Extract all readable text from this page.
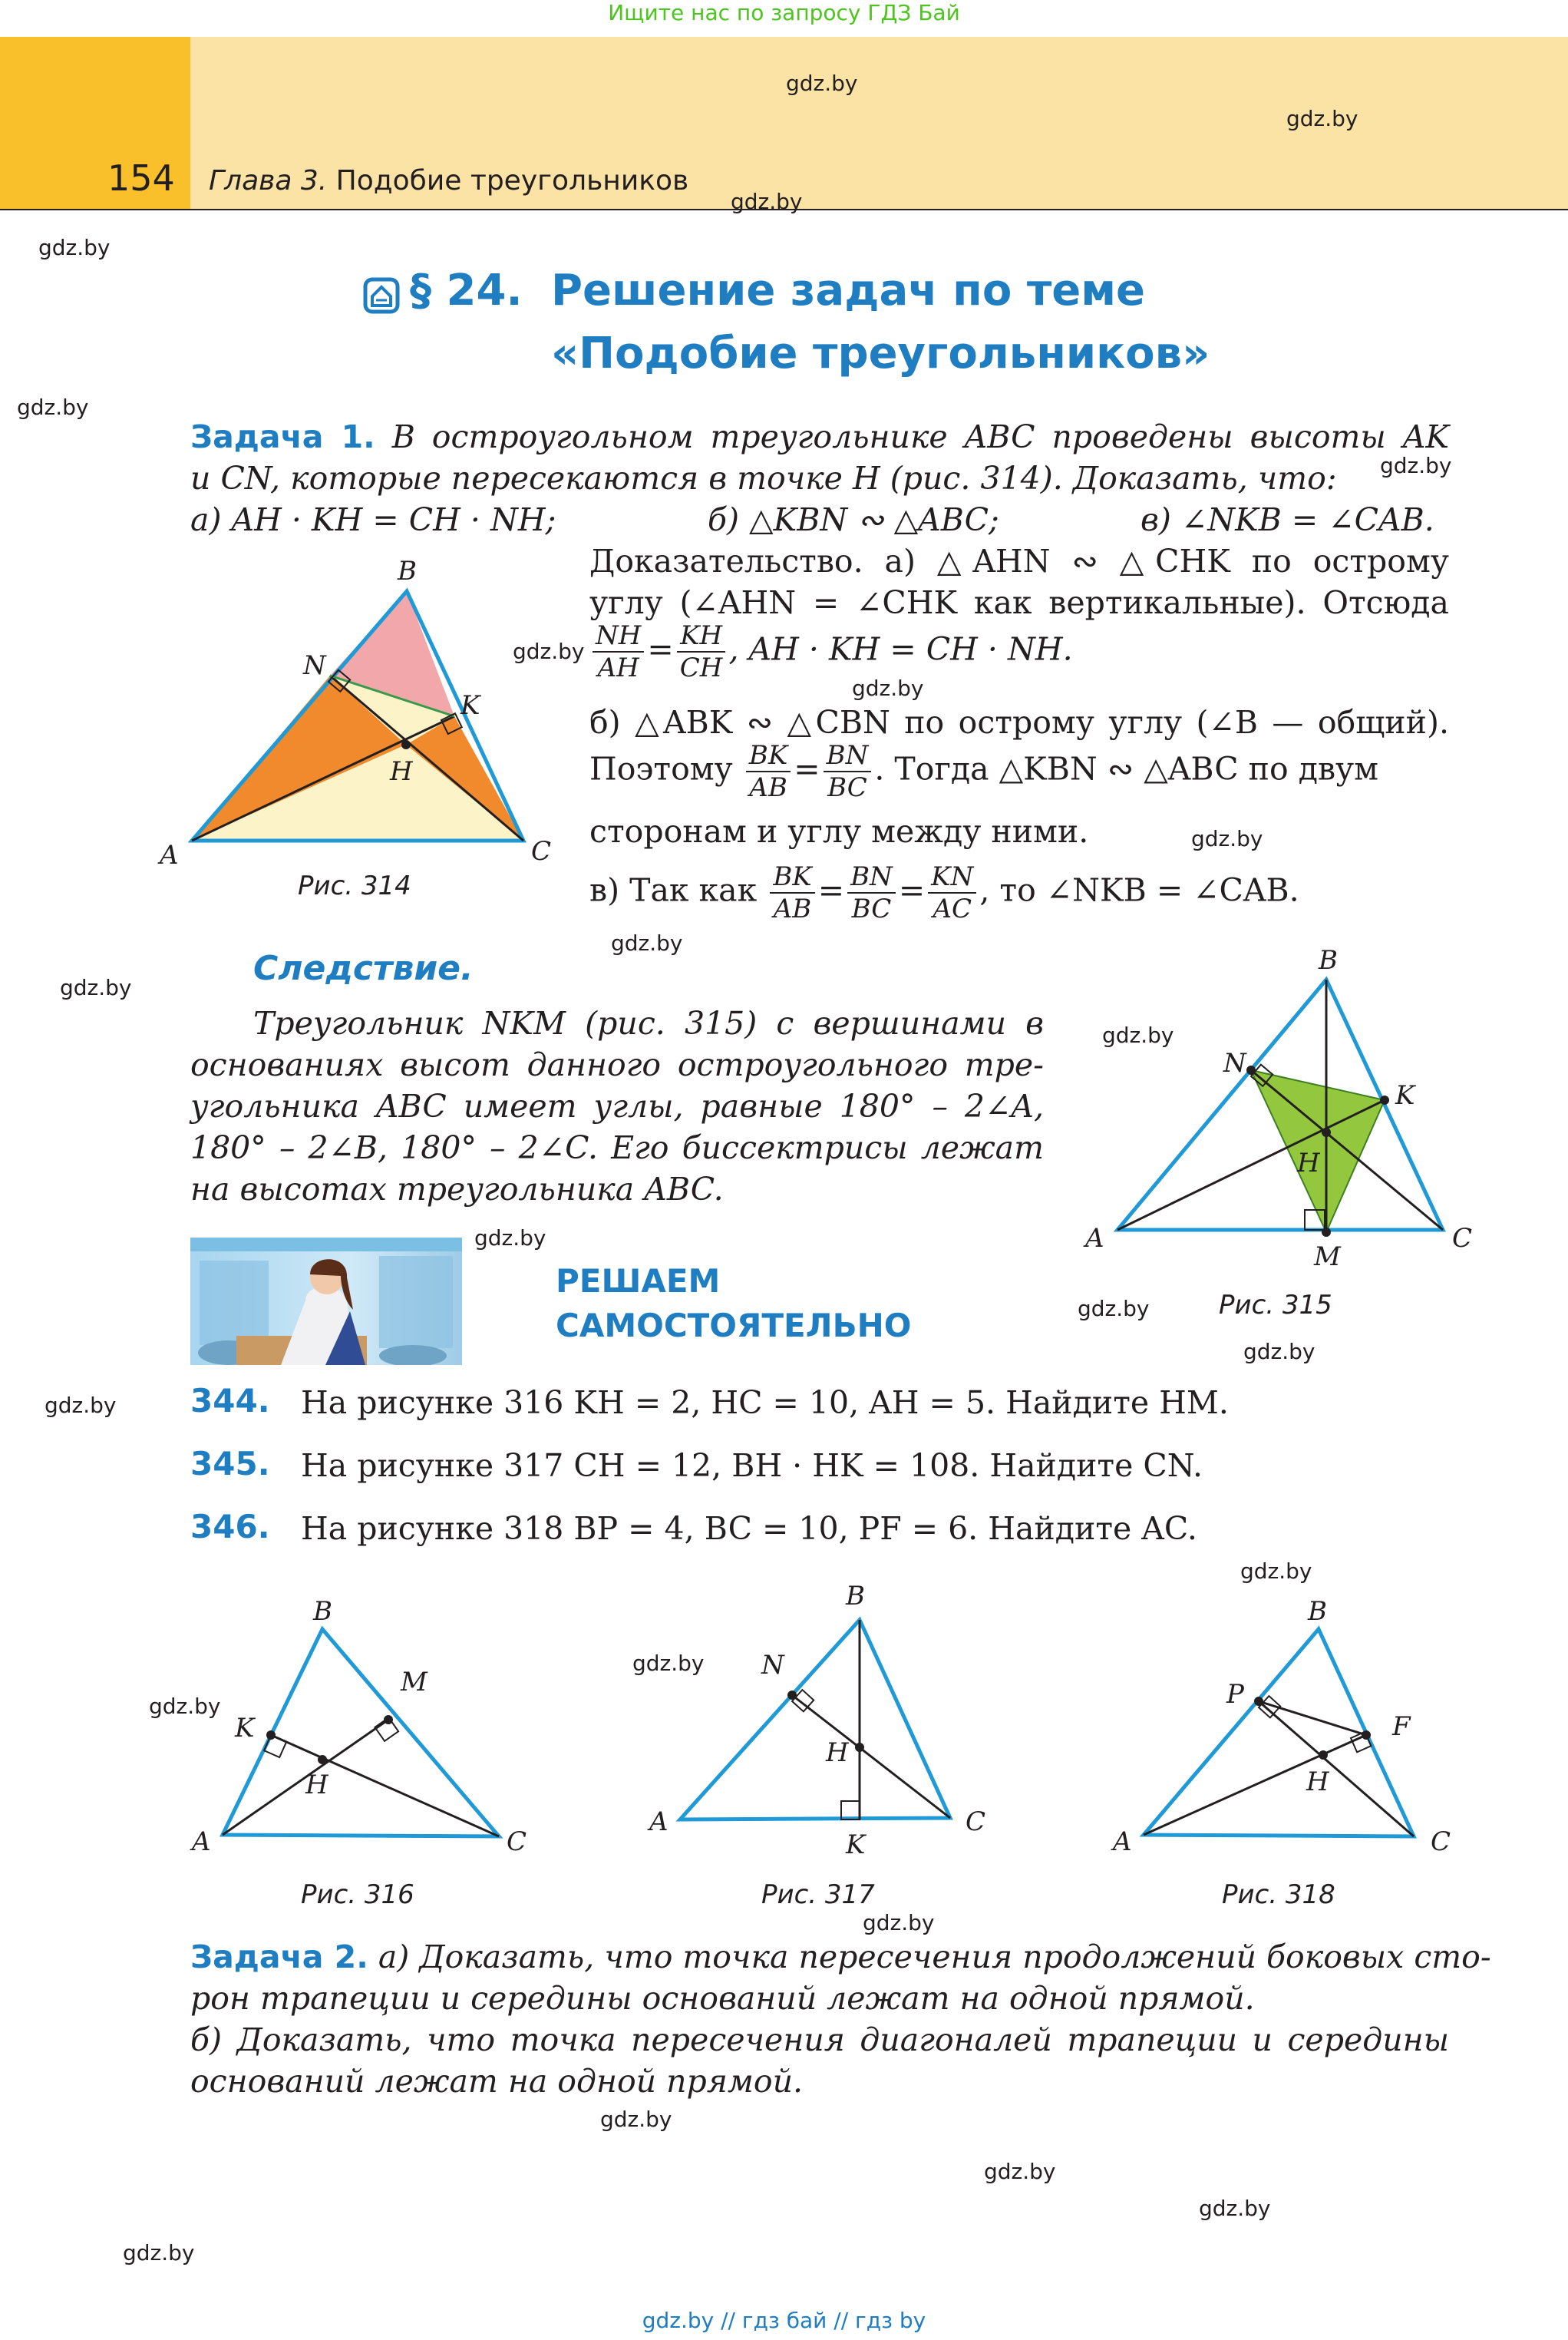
Ищите нас по запросу ГДЗ Бай
154 Глава 3. Подобие треугольников
§ 24. Решение задач по теме
«Подобие треугольников»
Задача 1. В остроугольном треугольнике ABC проведены высоты AK
и CN, которые пересекаются в точке H (рис. 314). Доказать, что:
а) AH · KH = CH · NH;	б) △KBN ∾ △ABC;	в) ∠NKB = ∠CAB.
B
N
K
H
A	C
Рис. 314
Доказательство. а) △AHN ∾ △CHK по острому
углу (∠AHN = ∠CHK как вертикальные). Отсюда
$\frac{NH}{AH} = \frac{KH}{CH}$ , AH · KH = CH · NH.
б) △ABK ∾ △CBN по острому углу (∠B — общий).
Поэтому $\frac{BK}{AB} = \frac{BN}{BC}$ . Тогда △KBN ∾ △ABC по двум
сторонам и углу между ними.
в) Так как $\frac{BK}{AB} = \frac{BN}{BC} = \frac{KN}{AC}$ , то ∠NKB = ∠CAB.
Следствие.
Треугольник NKM (рис. 315) с вершинами в
основаниях высот данного остроугольного тре-
угольника ABC имеет углы, равные 180° – 2∠A,
180° – 2∠B, 180° – 2∠C. Его биссектрисы лежат
на высотах треугольника ABC.
B
N
K
H
A	C
M
Рис. 315
РЕШАЕМ
САМОСТОЯТЕЛЬНО
344. На рисунке 316 KH = 2, HC = 10, AH = 5. Найдите HM.
345. На рисунке 317 CH = 12, BH · HK = 108. Найдите CN.
346. На рисунке 318 BP = 4, BC = 10, PF = 6. Найдите AC.
B
M
K
H
A	C
Рис. 316
B
N
H
A
K
C
Рис. 317
B
P
F
H
A	C
Рис. 318
Задача 2. а) Доказать, что точка пересечения продолжений боковых сто-
рон трапеции и середины оснований лежат на одной прямой.
б) Доказать, что точка пересечения диагоналей трапеции и середины
оснований лежат на одной прямой.
gdz.by
gdz.by
gdz.by
gdz.by
gdz.by
gdz.by
gdz.by
gdz.by
gdz.by
gdz.by
gdz.by
gdz.by
gdz.by
gdz.by
gdz.by
gdz.by
gdz.by
gdz.by
gdz.by
gdz.by
gdz.by
gdz.by
gdz.by
gdz.by
gdz.by // гдз бай // гдз by
